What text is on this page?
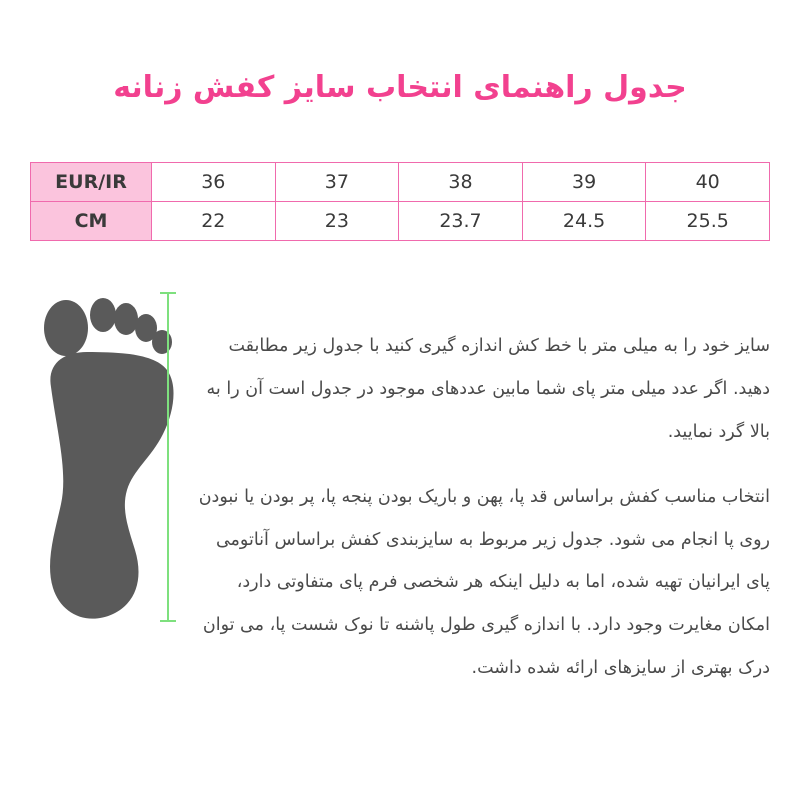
جدول راهنمای انتخاب سایز کفش زنانه
EUR/IR	36	37	38	39	40
CM	22	23	23.7	24.5	25.5

سایز خود را به میلی متر با خط کش اندازه گیری کنید با جدول زیر مطابقت دهید. اگر عدد میلی متر پای شما مابین عددهای موجود در جدول است آن را به بالا گرد نمایید.

انتخاب مناسب کفش براساس قد پا، پهن و باریک بودن پنجه پا، پر بودن یا نبودن روی پا انجام می شود. جدول زیر مربوط به سایزبندی کفش براساس آناتومی پای ایرانیان تهیه شده، اما به دلیل اینکه هر شخصی فرم پای متفاوتی دارد، امکان مغایرت وجود دارد. با اندازه گیری طول پاشنه تا نوک شست پا، می توان درک بهتری از سایزهای ارائه شده داشت.
